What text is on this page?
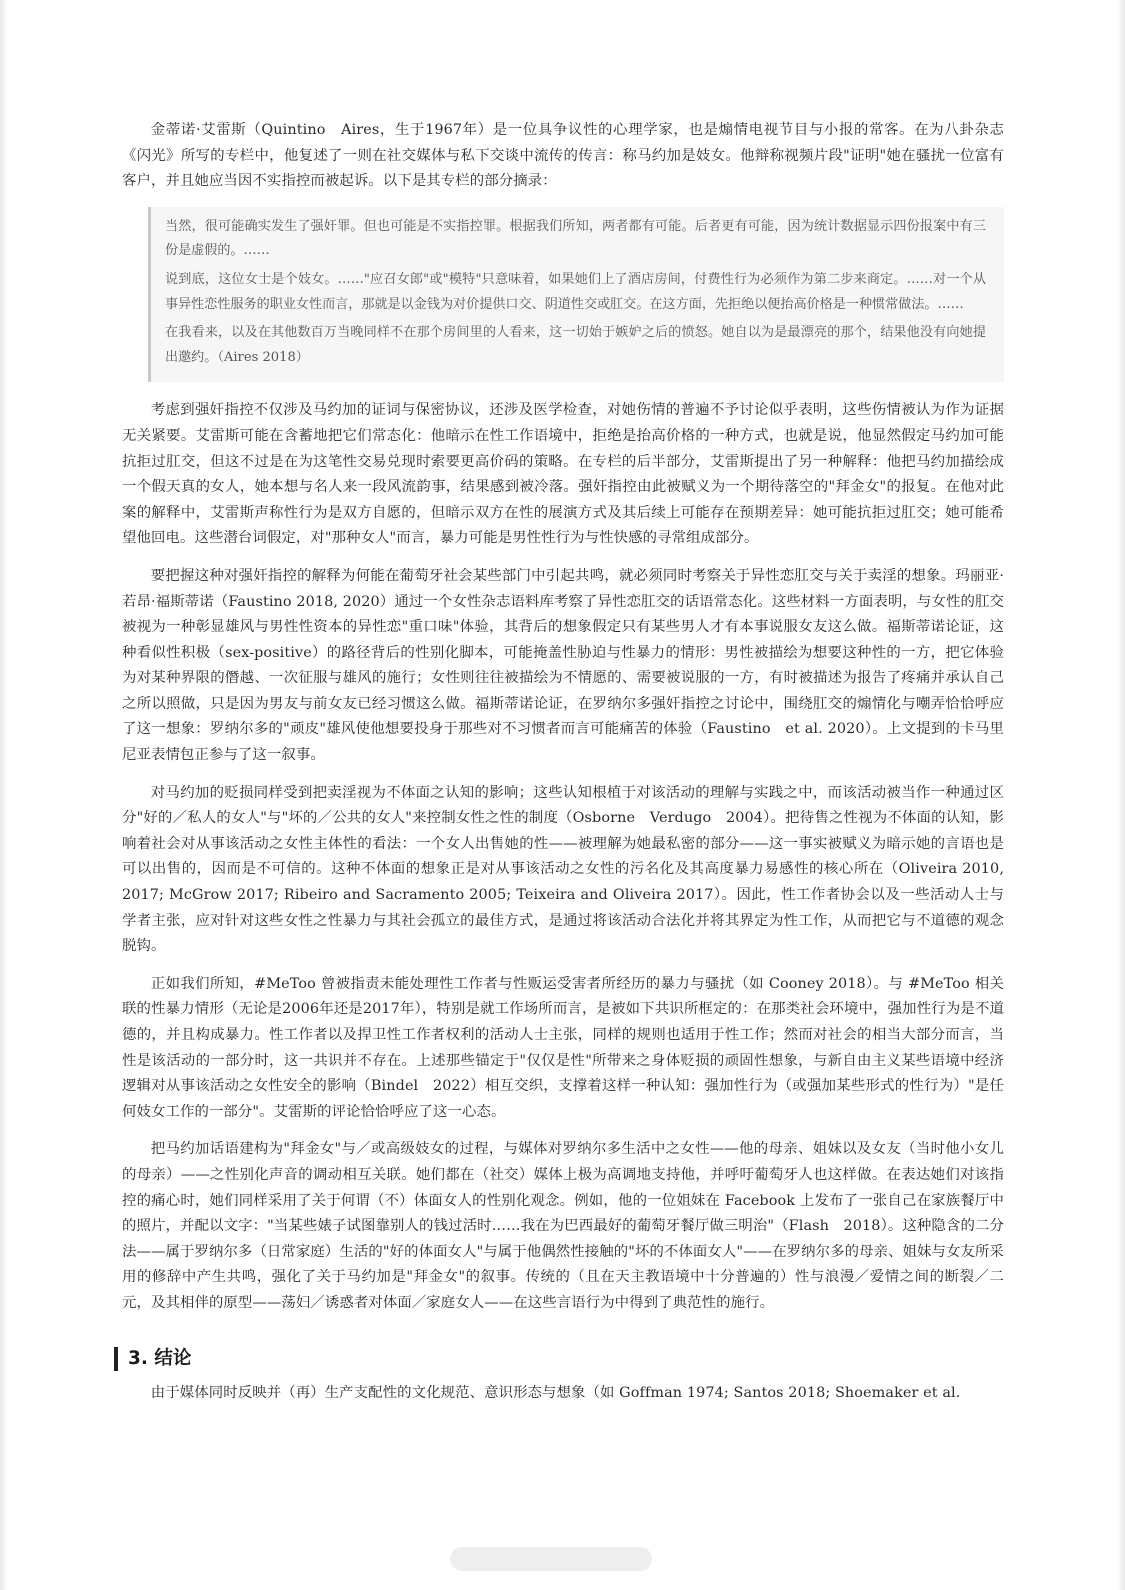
金蒂诺·艾雷斯（Quintino　Aires，生于1967年）是一位具争议性的心理学家，也是煽情电视节目与小报的常客。在为八卦杂志《闪光》所写的专栏中，他复述了一则在社交媒体与私下交谈中流传的传言：称马约加是妓女。他辩称视频片段"证明"她在骚扰一位富有客户，并且她应当因不实指控而被起诉。以下是其专栏的部分摘录：

当然，很可能确实发生了强奸罪。但也可能是不实指控罪。根据我们所知，两者都有可能。后者更有可能，因为统计数据显示四份报案中有三份是虚假的。……

说到底，这位女士是个妓女。……"应召女郎"或"模特"只意味着，如果她们上了酒店房间，付费性行为必须作为第二步来商定。……对一个从事异性恋性服务的职业女性而言，那就是以金钱为对价提供口交、阴道性交或肛交。在这方面，先拒绝以便抬高价格是一种惯常做法。……

在我看来，以及在其他数百万当晚同样不在那个房间里的人看来，这一切始于嫉妒之后的愤怒。她自以为是最漂亮的那个，结果他没有向她提出邀约。（Aires 2018）

考虑到强奸指控不仅涉及马约加的证词与保密协议，还涉及医学检查，对她伤情的普遍不予讨论似乎表明，这些伤情被认为作为证据无关紧要。艾雷斯可能在含蓄地把它们常态化：他暗示在性工作语境中，拒绝是抬高价格的一种方式，也就是说，他显然假定马约加可能抗拒过肛交，但这不过是在为这笔性交易兑现时索要更高价码的策略。在专栏的后半部分，艾雷斯提出了另一种解释：他把马约加描绘成一个假天真的女人，她本想与名人来一段风流韵事，结果感到被冷落。强奸指控由此被赋义为一个期待落空的"拜金女"的报复。在他对此案的解释中，艾雷斯声称性行为是双方自愿的，但暗示双方在性的展演方式及其后续上可能存在预期差异：她可能抗拒过肛交；她可能希望他回电。这些潜台词假定，对"那种女人"而言，暴力可能是男性性行为与性快感的寻常组成部分。

要把握这种对强奸指控的解释为何能在葡萄牙社会某些部门中引起共鸣，就必须同时考察关于异性恋肛交与关于卖淫的想象。玛丽亚·若昂·福斯蒂诺（Faustino 2018, 2020）通过一个女性杂志语料库考察了异性恋肛交的话语常态化。这些材料一方面表明，与女性的肛交被视为一种彰显雄风与男性性资本的异性恋"重口味"体验，其背后的想象假定只有某些男人才有本事说服女友这么做。福斯蒂诺论证，这种看似性积极（sex-positive）的路径背后的性别化脚本，可能掩盖性胁迫与性暴力的情形：男性被描绘为想要这种性的一方，把它体验为对某种界限的僭越、一次征服与雄风的施行；女性则往往被描绘为不情愿的、需要被说服的一方，有时被描述为报告了疼痛并承认自己之所以照做，只是因为男友与前女友已经习惯这么做。福斯蒂诺论证，在罗纳尔多强奸指控之讨论中，围绕肛交的煽情化与嘲弄恰恰呼应了这一想象：罗纳尔多的"顽皮"雄风使他想要投身于那些对不习惯者而言可能痛苦的体验（Faustino　et al. 2020）。上文提到的卡马里尼亚表情包正参与了这一叙事。

对马约加的贬损同样受到把卖淫视为不体面之认知的影响；这些认知根植于对该活动的理解与实践之中，而该活动被当作一种通过区分"好的／私人的女人"与"坏的／公共的女人"来控制女性之性的制度（Osborne　Verdugo　2004）。把待售之性视为不体面的认知，影响着社会对从事该活动之女性主体性的看法：一个女人出售她的性——被理解为她最私密的部分——这一事实被赋义为暗示她的言语也是可以出售的，因而是不可信的。这种不体面的想象正是对从事该活动之女性的污名化及其高度暴力易感性的核心所在（Oliveira 2010, 2017; McGrow 2017; Ribeiro and Sacramento 2005; Teixeira and Oliveira 2017）。因此，性工作者协会以及一些活动人士与学者主张，应对针对这些女性之性暴力与其社会孤立的最佳方式，是通过将该活动合法化并将其界定为性工作，从而把它与不道德的观念脱钩。

正如我们所知，#MeToo 曾被指责未能处理性工作者与性贩运受害者所经历的暴力与骚扰（如 Cooney 2018）。与 #MeToo 相关联的性暴力情形（无论是2006年还是2017年），特别是就工作场所而言，是被如下共识所框定的：在那类社会环境中，强加性行为是不道德的，并且构成暴力。性工作者以及捍卫性工作者权利的活动人士主张，同样的规则也适用于性工作；然而对社会的相当大部分而言，当性是该活动的一部分时，这一共识并不存在。上述那些锚定于"仅仅是性"所带来之身体贬损的顽固性想象，与新自由主义某些语境中经济逻辑对从事该活动之女性安全的影响（Bindel　2022）相互交织，支撑着这样一种认知：强加性行为（或强加某些形式的性行为）"是任何妓女工作的一部分"。艾雷斯的评论恰恰呼应了这一心态。

把马约加话语建构为"拜金女"与／或高级妓女的过程，与媒体对罗纳尔多生活中之女性——他的母亲、姐妹以及女友（当时他小女儿的母亲）——之性别化声音的调动相互关联。她们都在（社交）媒体上极为高调地支持他，并呼吁葡萄牙人也这样做。在表达她们对该指控的痛心时，她们同样采用了关于何谓（不）体面女人的性别化观念。例如，他的一位姐妹在 Facebook 上发布了一张自己在家族餐厅中的照片，并配以文字："当某些婊子试图靠别人的钱过活时……我在为巴西最好的葡萄牙餐厅做三明治"（Flash　2018）。这种隐含的二分法——属于罗纳尔多（日常家庭）生活的"好的体面女人"与属于他偶然性接触的"坏的不体面女人"——在罗纳尔多的母亲、姐妹与女友所采用的修辞中产生共鸣，强化了关于马约加是"拜金女"的叙事。传统的（且在天主教语境中十分普遍的）性与浪漫／爱情之间的断裂／二元，及其相伴的原型——荡妇／诱惑者对体面／家庭女人——在这些言语行为中得到了典范性的施行。

3. 结论

由于媒体同时反映并（再）生产支配性的文化规范、意识形态与想象（如 Goffman 1974; Santos 2018; Shoemaker et al.
